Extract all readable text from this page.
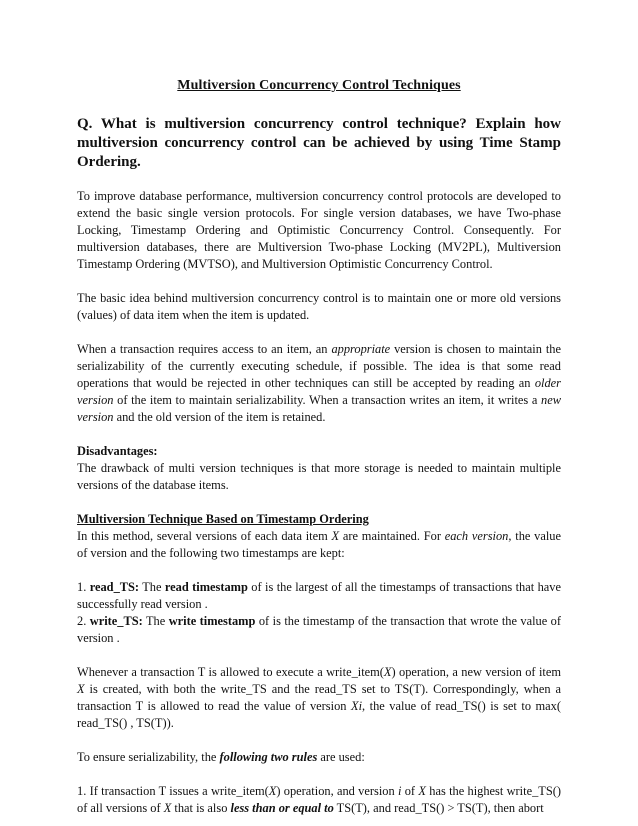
Multiversion Concurrency Control Techniques
Q. What is multiversion concurrency control technique? Explain how multiversion concurrency control can be achieved by using Time Stamp Ordering.

To improve database performance, multiversion concurrency control protocols are developed to extend the basic single version protocols. For single version databases, we have Two-phase Locking, Timestamp Ordering and Optimistic Concurrency Control. Consequently. For multiversion databases, there are Multiversion Two-phase Locking (MV2PL), Multiversion Timestamp Ordering (MVTSO), and Multiversion Optimistic Concurrency Control.

The basic idea behind multiversion concurrency control is to maintain one or more old versions (values) of data item when the item is updated.

When a transaction requires access to an item, an appropriate version is chosen to maintain the serializability of the currently executing schedule, if possible. The idea is that some read operations that would be rejected in other techniques can still be accepted by reading an older version of the item to maintain serializability. When a transaction writes an item, it writes a new version and the old version of the item is retained.

Disadvantages:

The drawback of multi version techniques is that more storage is needed to maintain multiple versions of the database items.

Multiversion Technique Based on Timestamp Ordering

In this method, several versions of each data item X are maintained. For each version, the value of version and the following two timestamps are kept:

1. read_TS: The read timestamp of is the largest of all the timestamps of transactions that have successfully read version .

2. write_TS: The write timestamp of is the timestamp of the transaction that wrote the value of version .

Whenever a transaction T is allowed to execute a write_item(X) operation, a new version of item X is created, with both the write_TS and the read_TS set to TS(T). Correspondingly, when a transaction T is allowed to read the value of version Xi, the value of read_TS() is set to max( read_TS() , TS(T)).

To ensure serializability, the following two rules are used:

1. If transaction T issues a write_item(X) operation, and version i of X has the highest write_TS() of all versions of X that is also less than or equal to TS(T), and read_TS() > TS(T), then abort
